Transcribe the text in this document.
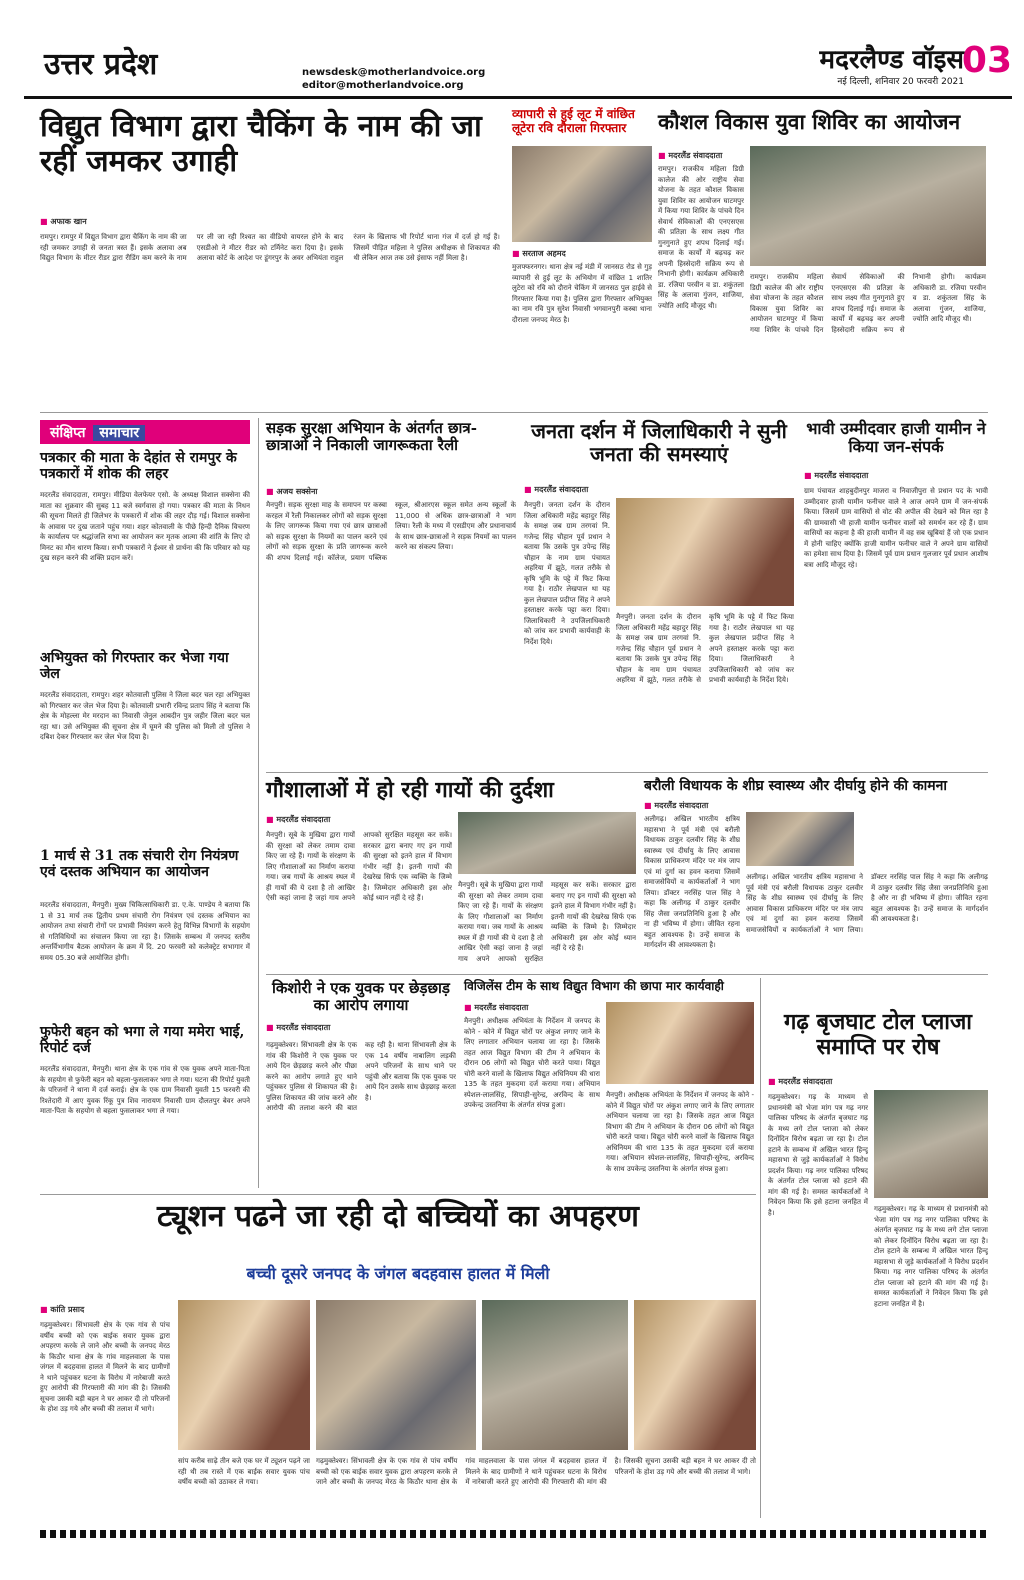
उत्तर प्रदेश	newsdesk@motherlandvoice.org
editor@motherlandvoice.org
मदरलैण्ड वॉइस
नई दिल्ली, शनिवार 20 फरवरी 2021
03
विद्युत विभाग द्वारा चैकिंग के नाम की जा रहीं जमकर उगाही
■ अफाक खान
रामपुर। रामपुर में विद्युत विभाग द्वारा चैकिंग के नाम की जा रही जमकर उगाही से जनता त्रस्त हैं। इसके अलावा अब विद्युत विभाग के मीटर रीडर द्वारा रीडिंग कम करने के नाम पर ली जा रही रिश्वत का वीडियो वायरल होने के बाद एसडीओ ने मीटर रीडर को टर्मिनेट करा दिया है। इसके अलावा कोर्ट के आदेश पर डूंगरपुर के अवर अभियंता राहुल रंजन के खिलाफ भी रिपोर्ट थाना गंज में दर्ज हो गई हैं। जिसमें पीड़ित महिला ने पुलिस अधीक्षक से शिकायत की थी लेकिन आज तक उसे इंसाफ नहीं मिला है।
व्यापारी से हुई लूट में वांछित लूटेरा रवि दौराला गिरफ्तार
■ सरताज अहमद
मुजफ्फरनगर। थाना क्षेत्र नई मंडी में जानसठ रोड से गुड़ व्यापारी से हुई लूट के अभियोग में वांछित 1 शातिर लुटेरा को रवि को दौराने चेकिंग में जानसठ पुल हाईवे से गिरफ्तार किया गया है। पुलिस द्वारा गिरफ्तार अभियुक्त का नाम रवि पुत्र सुरेश निवासी भगवानपुरी कस्बा थाना दौराला जनपद मेरठ है।
कौशल विकास युवा शिविर का आयोजन
■ मदरलैंड संवाददाता
रामपुर। राजकीय महिला डिग्री कालेज की ओर राष्ट्रीय सेवा योजना के तहत कौशल विकास युवा शिविर का आयोजन घाटमपुर में किया गया शिविर के पांचवे दिन सेवार्थ सेविकाओं की एनएसएस की प्रतिज्ञा के साथ लक्ष्य गीत गुनगुनाते हुए शपथ दिलाई गई। समाज के कार्यों में बढ़चढ़ कर अपनी हिस्सेदारी सक्रिय रूप से निभानी होगी। कार्यक्रम अधिकारी डा. रजिया परवीन व डा. शकुंतला सिंह के अलावा गुंजन, शाजिया, ज्योति आदि मौजूद थी।
रामपुर। राजकीय महिला डिग्री कालेज की ओर राष्ट्रीय सेवा योजना के तहत कौशल विकास युवा शिविर का आयोजन घाटमपुर में किया गया शिविर के पांचवे दिन सेवार्थ सेविकाओं की एनएसएस की प्रतिज्ञा के साथ लक्ष्य गीत गुनगुनाते हुए शपथ दिलाई गई। समाज के कार्यों में बढ़चढ़ कर अपनी हिस्सेदारी सक्रिय रूप से निभानी होगी। कार्यक्रम अधिकारी डा. रजिया परवीन व डा. शकुंतला सिंह के अलावा गुंजन, शाजिया, ज्योति आदि मौजूद थी।
संक्षिप्त समाचार
पत्रकार की माता के देहांत से रामपुर के पत्रकारों में शोक की लहर
मदरलैंड संवाददाता, रामपुर। मीडिया वेलफेयर एसो. के अध्यक्ष विशाल सक्सेना की माता का शुक्रवार की सुबह 11 बजे स्वर्गवास हो गया। पत्रकार की माता के निधन की सूचना मिलते ही जिलेभर के पत्रकारों में शोक की लहर दौड़ गई। विशाल सक्सेना के आवास पर दुख जताने पहुंच गया। शहर कोतवाली के पीछे हिन्दी दैनिक विचरण के कार्यालय पर श्रद्धांजलि सभा का आयोजन कर मृतक आत्मा की शांति के लिए दो मिनट का मौन धारण किया। सभी पत्रकारों ने ईश्वर से प्रार्थना की कि परिवार को यह दुख सहन करने की शक्ति प्रदान करें।
अभियुक्त को गिरफ्तार कर भेजा गया जेल
मदरलैंड संवाददाता, रामपुर। शहर कोतवाली पुलिस ने जिला बदर चल रहा अभियुक्त को गिरफ्तार कर जेल भेज दिया है। कोतवाली प्रभारी रविन्द्र प्रताप सिंह ने बताया कि क्षेत्र के मोहल्ला मेर मरदान का निवासी जेनुल आबदीन पुत्र जहीर जिला बदर चल रहा था। उसे अभियुक्त की सूचना क्षेत्र में घूमने की पुलिस को मिली तो पुलिस ने दबिश देकर गिरफ्तार कर जेल भेज दिया है।
1 मार्च से 31 तक संचारी रोग नियंत्रण एवं दस्तक अभियान का आयोजन
मदरलैंड संवाददाता, मैनपुरी। मुख्य चिकित्साधिकारी डा. ए.के. पाण्डेय ने बताया कि 1 से 31 मार्च तक द्वितीय प्रथम संचारी रोग नियंत्रण एवं दस्तक अभियान का आयोजन तथा संचारी रोगों पर प्रभावी नियंत्रण करने हेतु विभिन्न विभागों के सहयोग से गतिविधियों का संचालन किया जा रहा है। जिसके सम्बन्ध में जनपद स्तरीय अन्तर्विभागीय बैठक आयोजन के क्रम में दि. 20 फरवरी को कलेक्ट्रेट सभागार में समय 05.30 बजे आयोजित होगी।
फुफेरी बहन को भगा ले गया ममेरा भाई, रिपोर्ट दर्ज
मदरलैंड संवाददाता, मैनपुरी। थाना क्षेत्र के एक गांव से एक युवक अपने माता-पिता के सहयोग से फुफेरी बहन को बहला-फुसलाकर भगा ले गया। घटना की रिपोर्ट युवती के परिजनों ने थाना में दर्ज कराई। क्षेत्र के एक ग्राम निवासी युवती 15 फरवरी की रिश्तेदारी में आए युवक रिंकू पुत्र शिव नारायण निवासी ग्राम दौलतपुर बेवर अपने माता-पिता के सहयोग से बहला फुसलाकर भगा ले गया।
सड़क सुरक्षा अभियान के अंतर्गत छात्र-छात्राओं ने निकाली जागरूकता रैली
■ अजय सक्सेना
मैनपुरी। सड़क सुरक्षा माह के समापन पर कस्बा करहल में रैली निकालकर लोगों को सड़क सुरक्षा के लिए जागरूक किया गया एवं छात्र छात्राओं को सड़क सुरक्षा के नियमों का पालन करने एवं लोगों को सड़क सुरक्षा के प्रति जागरूक करने की शपथ दिलाई गई। कॉलेज, प्रयाग पब्लिक स्कूल, श्रीआरएस स्कूल समेत अन्य स्कूलों के 11,000 से अधिक छात्र-छात्राओं ने भाग लिया। रैली के मध्य में एसडीएम और प्रधानाचार्य के साथ छात्र-छात्राओं ने सड़क नियमों का पालन करने का संकल्प लिया।
जनता दर्शन में जिलाधिकारी ने सुनी जनता की समस्याएं
■ मदरलैंड संवाददाता
मैनपुरी। जनता दर्शन के दौरान जिला अधिकारी महेंद्र बहादुर सिंह के समक्ष जब ग्राम तरगवां नि. गजेन्द्र सिंह चौहान पूर्व प्रधान ने बताया कि उसके पुत्र उपेन्द्र सिंह चौहान के नाम ग्राम पंचायत अहरिया में झूठे, गलत तरीके से कृषि भूमि के पट्टे में फिट किया गया है। राठौर लेखपाल था यह कुल लेखपाल प्रदीप्त सिंह ने अपने हस्ताक्षर करके पट्टा करा दिया। जिलाधिकारी ने उपजिलाधिकारी को जांच कर प्रभावी कार्यवाही के निर्देश दिये।
मैनपुरी। जनता दर्शन के दौरान जिला अधिकारी महेंद्र बहादुर सिंह के समक्ष जब ग्राम तरगवां नि. गजेन्द्र सिंह चौहान पूर्व प्रधान ने बताया कि उसके पुत्र उपेन्द्र सिंह चौहान के नाम ग्राम पंचायत अहरिया में झूठे, गलत तरीके से कृषि भूमि के पट्टे में फिट किया गया है। राठौर लेखपाल था यह कुल लेखपाल प्रदीप्त सिंह ने अपने हस्ताक्षर करके पट्टा करा दिया। जिलाधिकारी ने उपजिलाधिकारी को जांच कर प्रभावी कार्यवाही के निर्देश दिये।
भावी उम्मीदवार हाजी यामीन ने किया जन-संपर्क
■ मदरलैंड संवाददाता
ग्राम पंचायत शाहबुदीनपुर माजरा व निवाजीपुरा से प्रधान पद के भावी उम्मीदवार हाजी यामीन फनीचर वाले ने आज अपने ग्राम में जन-संपर्क किया। जिसमें ग्राम वासियों से वोट की अपील की देखने को मिल रहा है की ग्रामवासी भी हाजी यामीन फनीचर वालों को समर्थन कर रहे हैं। ग्राम वासियों का कहना है की हाजी यामीन में वह सब खूबियां हैं जो एक प्रधान में होनी चाहिए क्योंकि हाजी यामीन फनीचर वाले ने अपने ग्राम वासियों का हमेशा साथ दिया है। जिसमें पूर्व ग्राम प्रधान गुलजार पूर्व प्रधान आशीष बत्रा आदि मौजूद रहे।
गौशालाओं में हो रही गायों की दुर्दशा
■ मदरलैंड संवाददाता
मैनपुरी। सूबे के मुखिया द्वारा गायों की सुरक्षा को लेकर तमाम दावा किए जा रहे हैं। गायों के संरक्षण के लिए गौशालाओं का निर्माण कराया गया। जब गायों के आश्रय स्थल में ही गायों की ये दशा है तो आखिर ऐसी कहां जाना है जहां गाय अपने आपको सुरक्षित महसूस कर सकें। सरकार द्वारा बनाए गए इन गायों की सुरक्षा को इतने हाल में विभाग गंभीर नहीं है। इतनी गायों की देखरेख सिर्फ एक व्यक्ति के जिम्मे है। जिम्मेदार अधिकारी इस ओर कोई ध्यान नहीं दे रहे हैं।
मैनपुरी। सूबे के मुखिया द्वारा गायों की सुरक्षा को लेकर तमाम दावा किए जा रहे हैं। गायों के संरक्षण के लिए गौशालाओं का निर्माण कराया गया। जब गायों के आश्रय स्थल में ही गायों की ये दशा है तो आखिर ऐसी कहां जाना है जहां गाय अपने आपको सुरक्षित महसूस कर सकें। सरकार द्वारा बनाए गए इन गायों की सुरक्षा को इतने हाल में विभाग गंभीर नहीं है। इतनी गायों की देखरेख सिर्फ एक व्यक्ति के जिम्मे है। जिम्मेदार अधिकारी इस ओर कोई ध्यान नहीं दे रहे हैं।
बरौली विधायक के शीघ्र स्वास्थ्य और दीर्घायु होने की कामना
■ मदरलैंड संवाददाता
अलीगढ़। अखिल भारतीय क्षत्रिय महासभा ने पूर्व मंत्री एवं बरौली विधायक ठाकुर दलवीर सिंह के शीघ्र स्वास्थ्य एवं दीर्घायु के लिए आवास विकास प्राधिकरण मंदिर पर मंत्र जाप एवं मां दुर्गा का हवन कराया जिसमें समाजसेवियों व कार्यकर्ताओं ने भाग लिया। डॉक्टर नरसिंह पाल सिंह ने कहा कि अलीगढ़ में ठाकुर दलवीर सिंह जैसा जनप्रतिनिधि हुआ है और ना ही भविष्य में होगा। जीवित रहना बहुत आवश्यक है। उन्हें समाज के मार्गदर्शन की आवश्यकता है।
अलीगढ़। अखिल भारतीय क्षत्रिय महासभा ने पूर्व मंत्री एवं बरौली विधायक ठाकुर दलवीर सिंह के शीघ्र स्वास्थ्य एवं दीर्घायु के लिए आवास विकास प्राधिकरण मंदिर पर मंत्र जाप एवं मां दुर्गा का हवन कराया जिसमें समाजसेवियों व कार्यकर्ताओं ने भाग लिया। डॉक्टर नरसिंह पाल सिंह ने कहा कि अलीगढ़ में ठाकुर दलवीर सिंह जैसा जनप्रतिनिधि हुआ है और ना ही भविष्य में होगा। जीवित रहना बहुत आवश्यक है। उन्हें समाज के मार्गदर्शन की आवश्यकता है।
किशोरी ने एक युवक पर छेड़छाड़ का आरोप लगाया
■ मदरलैंड संवाददाता
गढ़मुक्तेश्वर। सिंभावली क्षेत्र के एक गांव की किशोरी ने एक युवक पर आये दिन छेड़छाड़ करने और पीछा करने का आरोप लगाते हुए थाने पहुंचकर पुलिस से शिकायत की है। पुलिस शिकायत की जांच करने और आरोपी की तलाश करने की बात कह रही है। थाना सिंभावली क्षेत्र के एक 14 वर्षीय नाबालिग लड़की अपने परिजनों के साथ थाने पर पहुंची और बताया कि एक युवक पर आये दिन उसके साथ छेड़छाड़ करता है।
विजिलेंस टीम के साथ विद्युत विभाग की छापा मार कार्यवाही
■ मदरलैंड संवाददाता
मैनपुरी। अधीक्षक अभियंता के निर्देशन में जनपद के कोने - कोने में विद्युत चोरों पर अंकुश लगाए जाने के लिए लगातार अभियान चलाया जा रहा है। जिसके तहत आज विद्युत विभाग की टीम ने अभियान के दौरान 06 लोगों को विद्युत चोरी करते पाया। विद्युत चोरी करने वालों के खिलाफ विद्युत अधिनियम की धारा 135 के तहत मुकदमा दर्ज कराया गया। अभियान स्पेशल-लालसिंह, सिपाही-सुरेन्द्र, अरविन्द के साथ उपकेन्द्र उस्तनिया के अंतर्गत संपन्न हुआ।
मैनपुरी। अधीक्षक अभियंता के निर्देशन में जनपद के कोने - कोने में विद्युत चोरों पर अंकुश लगाए जाने के लिए लगातार अभियान चलाया जा रहा है। जिसके तहत आज विद्युत विभाग की टीम ने अभियान के दौरान 06 लोगों को विद्युत चोरी करते पाया। विद्युत चोरी करने वालों के खिलाफ विद्युत अधिनियम की धारा 135 के तहत मुकदमा दर्ज कराया गया। अभियान स्पेशल-लालसिंह, सिपाही-सुरेन्द्र, अरविन्द के साथ उपकेन्द्र उस्तनिया के अंतर्गत संपन्न हुआ।
गढ़ बृजघाट टोल प्लाजा समाप्ति पर रोष
■ मदरलैंड संवाददाता
गढ़मुक्तेश्वर। गढ़ के माध्यम से प्रधानमंत्री को भेजा मांग पत्र गढ़ नगर पालिका परिषद के अंतर्गत बृजघाट गढ़ के मध्य लगे टोल प्लाजा को लेकर दिनोंदिन विरोध बढ़ता जा रहा है। टोल हटाने के सम्बन्ध में अखिल भारत हिन्दू महासभा से जुड़े कार्यकर्ताओं ने विरोध प्रदर्शन किया। गढ़ नगर पालिका परिषद के अंतर्गत टोल प्लाजा को हटाने की मांग की गई है। समस्त कार्यकर्ताओं ने निवेदन किया कि इसे हटाना जनहित में है।	गढ़मुक्तेश्वर। गढ़ के माध्यम से प्रधानमंत्री को भेजा मांग पत्र गढ़ नगर पालिका परिषद के अंतर्गत बृजघाट गढ़ के मध्य लगे टोल प्लाजा को लेकर दिनोंदिन विरोध बढ़ता जा रहा है। टोल हटाने के सम्बन्ध में अखिल भारत हिन्दू महासभा से जुड़े कार्यकर्ताओं ने विरोध प्रदर्शन किया। गढ़ नगर पालिका परिषद के अंतर्गत टोल प्लाजा को हटाने की मांग की गई है। समस्त कार्यकर्ताओं ने निवेदन किया कि इसे हटाना जनहित में है।
ट्यूशन पढने जा रही दो बच्चियों का अपहरण
बच्ची दूसरे जनपद के जंगल बदहवास हालत में मिली
■ कांति प्रसाद
गढ़मुक्तेश्वर। सिंभावली क्षेत्र के एक गांव से पांच वर्षीय बच्ची को एक बाईक सवार युवक द्वारा अपहरण करके ले जाने और बच्ची के जनपद मेरठ के किठौर थाना क्षेत्र के गांव माहलवाला के पास जंगल में बदहवास हालत में मिलने के बाद ग्रामीणों ने थाने पहुंचकर घटना के विरोध में नारेबाजी करते हुए आरोपी की गिरफ्तारी की मांग की है। जिसकी सूचना उसकी बड़ी बहन ने घर आकर दी तो परिजनों के होश उड़ गये और बच्ची की तलाश में भागे।
सांप करीब साढ़े तीन बजे एक घर में ट्यूशन पढ़ने जा रही थी तब रास्ते में एक बाईक सवार युवक पांच वर्षीय बच्ची को उठाकर ले गया।
गढ़मुक्तेश्वर। सिंभावली क्षेत्र के एक गांव से पांच वर्षीय बच्ची को एक बाईक सवार युवक द्वारा अपहरण करके ले जाने और बच्ची के जनपद मेरठ के किठौर थाना क्षेत्र के गांव माहलवाला के पास जंगल में बदहवास हालत में मिलने के बाद ग्रामीणों ने थाने पहुंचकर घटना के विरोध में नारेबाजी करते हुए आरोपी की गिरफ्तारी की मांग की है। जिसकी सूचना उसकी बड़ी बहन ने घर आकर दी तो परिजनों के होश उड़ गये और बच्ची की तलाश में भागे।
